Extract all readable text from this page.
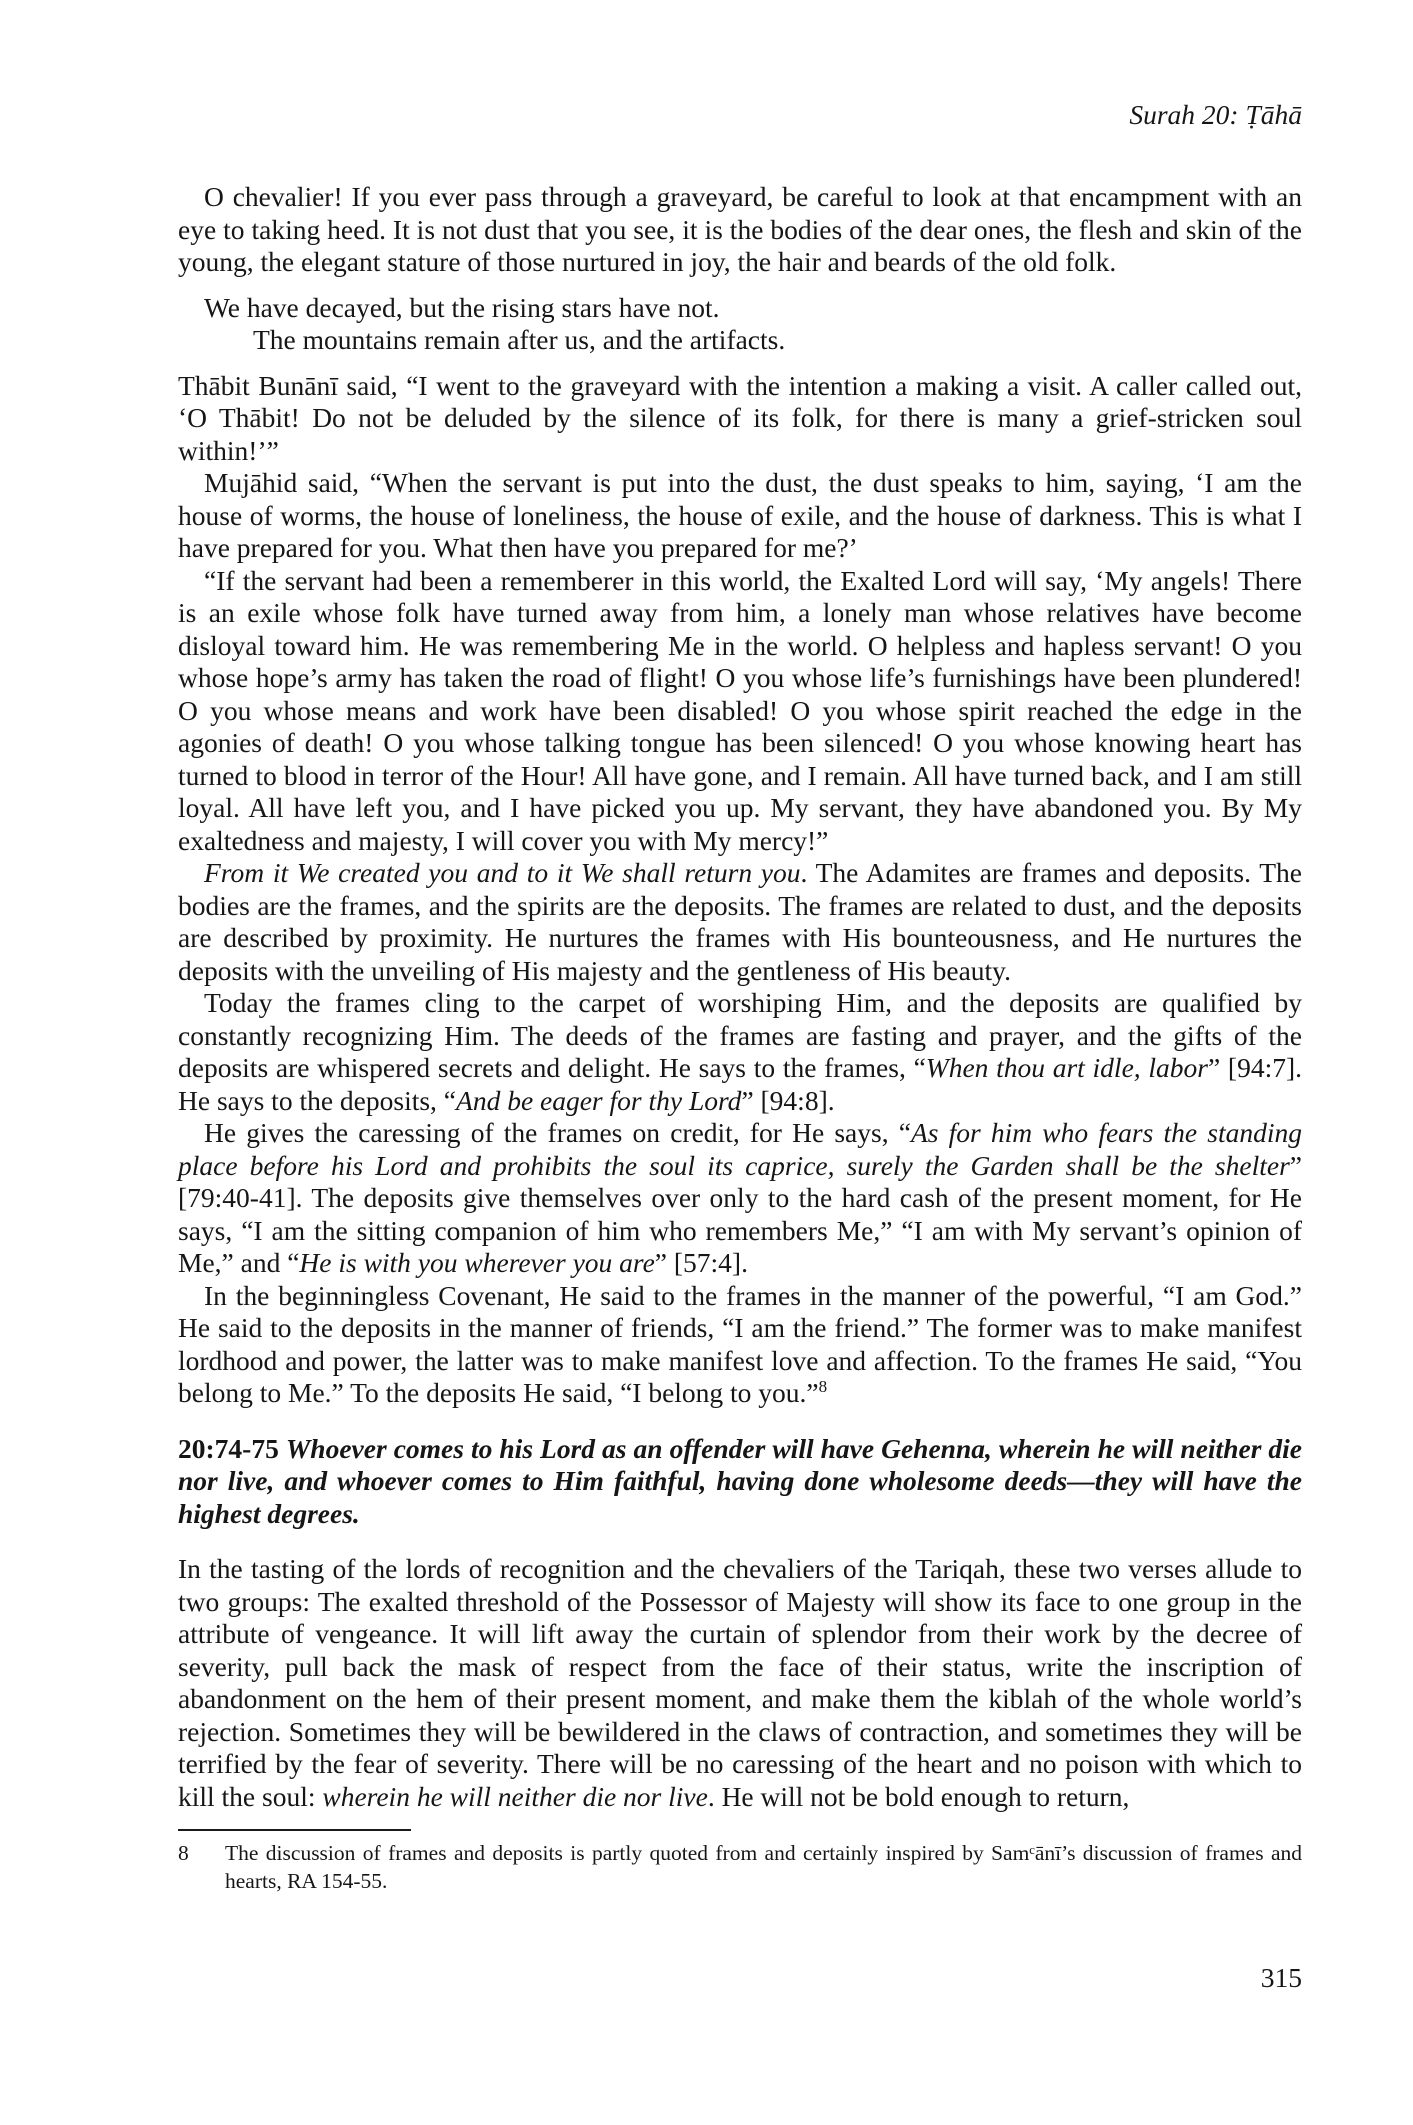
Surah 20: Ṭāhā

O chevalier! If you ever pass through a graveyard, be careful to look at that encampment with an eye to taking heed. It is not dust that you see, it is the bodies of the dear ones, the flesh and skin of the young, the elegant stature of those nurtured in joy, the hair and beards of the old folk.

We have decayed, but the rising stars have not.
The mountains remain after us, and the artifacts.

Thābit Bunānī said, “I went to the graveyard with the intention a making a visit. A caller called out, ‘O Thābit! Do not be deluded by the silence of its folk, for there is many a grief-stricken soul within!’”

Mujāhid said, “When the servant is put into the dust, the dust speaks to him, saying, ‘I am the house of worms, the house of loneliness, the house of exile, and the house of darkness. This is what I have prepared for you. What then have you prepared for me?’

“If the servant had been a rememberer in this world, the Exalted Lord will say, ‘My angels! There is an exile whose folk have turned away from him, a lonely man whose relatives have become disloyal toward him. He was remembering Me in the world. O helpless and hapless servant! O you whose hope’s army has taken the road of flight! O you whose life’s furnishings have been plundered! O you whose means and work have been disabled! O you whose spirit reached the edge in the agonies of death! O you whose talking tongue has been silenced! O you whose knowing heart has turned to blood in terror of the Hour! All have gone, and I remain. All have turned back, and I am still loyal. All have left you, and I have picked you up. My servant, they have abandoned you. By My exaltedness and majesty, I will cover you with My mercy!”

From it We created you and to it We shall return you. The Adamites are frames and deposits. The bodies are the frames, and the spirits are the deposits. The frames are related to dust, and the deposits are described by proximity. He nurtures the frames with His bounteousness, and He nurtures the deposits with the unveiling of His majesty and the gentleness of His beauty.

Today the frames cling to the carpet of worshiping Him, and the deposits are qualified by constantly recognizing Him. The deeds of the frames are fasting and prayer, and the gifts of the deposits are whispered secrets and delight. He says to the frames, “When thou art idle, labor” [94:7]. He says to the deposits, “And be eager for thy Lord” [94:8].

He gives the caressing of the frames on credit, for He says, “As for him who fears the standing place before his Lord and prohibits the soul its caprice, surely the Garden shall be the shelter” [79:40-41]. The deposits give themselves over only to the hard cash of the present moment, for He says, “I am the sitting companion of him who remembers Me,” “I am with My servant’s opinion of Me,” and “He is with you wherever you are” [57:4].

In the beginningless Covenant, He said to the frames in the manner of the powerful, “I am God.” He said to the deposits in the manner of friends, “I am the friend.” The former was to make manifest lordhood and power, the latter was to make manifest love and affection. To the frames He said, “You belong to Me.” To the deposits He said, “I belong to you.”$^8$

20:74-75 Whoever comes to his Lord as an offender will have Gehenna, wherein he will neither die nor live, and whoever comes to Him faithful, having done wholesome deeds—they will have the highest degrees.

In the tasting of the lords of recognition and the chevaliers of the Tariqah, these two verses allude to two groups: The exalted threshold of the Possessor of Majesty will show its face to one group in the attribute of vengeance. It will lift away the curtain of splendor from their work by the decree of severity, pull back the mask of respect from the face of their status, write the inscription of abandonment on the hem of their present moment, and make them the kiblah of the whole world’s rejection. Sometimes they will be bewildered in the claws of contraction, and sometimes they will be terrified by the fear of severity. There will be no caressing of the heart and no poison with which to kill the soul: wherein he will neither die nor live. He will not be bold enough to return,

8	The discussion of frames and deposits is partly quoted from and certainly inspired by Samᶜānī’s discussion of frames and hearts, RA 154-55.
315
